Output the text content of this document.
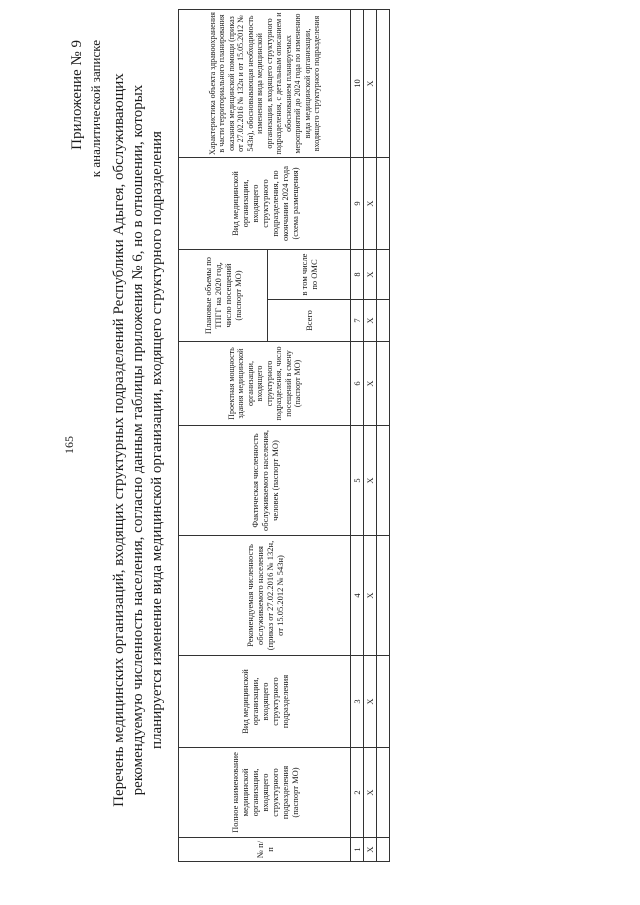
165
Приложение № 9 к аналитической записке Перечень медицинских организаций, входящих структурных подразделений Республики Адыгея, обслуживающих рекомендуемую численность населения, согласно данным таблицы приложения № 6, но в отношении, которых планируется изменение вида медицинской организации, входящего структурного подразделения
№ п/п	Полное наименование медицинской организации, входящего структурного подразделения (паспорт МО)	Вид медицинской организации, входящего структурного подразделения	Рекомендуемая численность обслуживаемого населения (приказ от 27.02.2016 № 132н, от 15.05.2012 № 543н)	Фактическая численность обслуживаемого населения, человек (паспорт МО)	Проектная мощность здания медицинской организации, входящего структурного подразделения, число посещений в смену (паспорт МО)	Плановые объемы по ТПГГ на 2020 год, число посещений (паспорт МО)		Вид медицинской организации, входящего структурного подразделения, по окончании 2024 года (схема размещения)	Характеристика объекта здравоохранения в части территориального планирования оказания медицинской помощи (приказ от 27.02.2016 № 132н и от 15.05.2012 № 543н), обосновывающая необходимость изменения вида медицинской организации, входящего структурного подразделения, с детальным описанием и обоснованием планируемых мероприятий до 2024 года по изменению вида медицинской организации, входящего структурного подразделения
						Всего	в том числе по ОМС		
1	2	3	4	5	6	7	8	9	10
Х	Х	Х	Х	Х	Х	Х	Х	Х	Х
